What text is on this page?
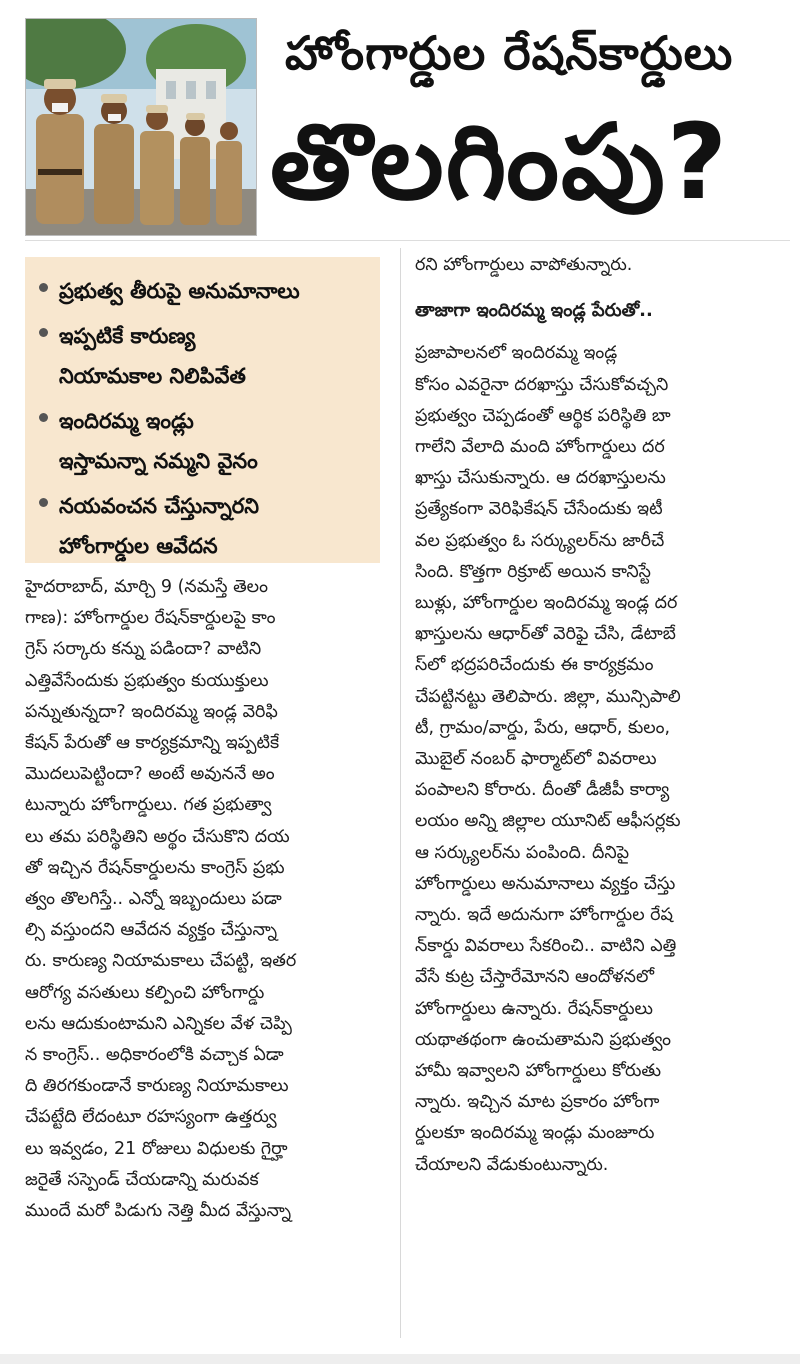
హోంగార్డుల రేషన్‌కార్డులు
తొలగింపు?
ప్రభుత్వ తీరుపై అనుమానాలు
ఇప్పటికే కారుణ్య
నియామకాల నిలిపివేత
ఇందిరమ్మ ఇండ్లు
ఇస్తామన్నా నమ్మని వైనం
నయవంచన చేస్తున్నారని
హోంగార్డుల ఆవేదన
హైదరాబాద్, మార్చి 9 (నమస్తే తెలం
గాణ): హోంగార్డుల రేషన్‌కార్డులపై కాం
గ్రెస్ సర్కారు కన్ను పడిందా? వాటిని
ఎత్తివేసేందుకు ప్రభుత్వం కుయుక్తులు
పన్నుతున్నదా? ఇందిరమ్మ ఇండ్ల వెరిఫి
కేషన్ పేరుతో ఆ కార్యక్రమాన్ని ఇప్పటికే
మొదలుపెట్టిందా? అంటే అవుననే అం
టున్నారు హోంగార్డులు. గత ప్రభుత్వా
లు తమ పరిస్థితిని అర్థం చేసుకొని దయ
తో ఇచ్చిన రేషన్‌కార్డులను కాంగ్రెస్ ప్రభు
త్వం తొలగిస్తే.. ఎన్నో ఇబ్బందులు పడా
ల్సి వస్తుందని ఆవేదన వ్యక్తం చేస్తున్నా
రు. కారుణ్య నియామకాలు చేపట్టి, ఇతర
ఆరోగ్య వసతులు కల్పించి హోంగార్డు
లను ఆదుకుంటామని ఎన్నికల వేళ చెప్పి
న కాంగ్రెస్.. అధికారంలోకి వచ్చాక ఏడా
ది తిరగకుండానే కారుణ్య నియామకాలు
చేపట్టేది లేదంటూ రహస్యంగా ఉత్తర్వు
లు ఇవ్వడం, 21 రోజులు విధులకు గైర్హా
జరైతే సస్పెండ్ చేయడాన్ని మరువక
ముందే మరో పిడుగు నెత్తి మీద వేస్తున్నా
రని హోంగార్డులు వాపోతున్నారు.
తాజాగా ఇందిరమ్మ ఇండ్ల పేరుతో..
ప్రజాపాలనలో ఇందిరమ్మ ఇండ్ల
కోసం ఎవరైనా దరఖాస్తు చేసుకోవచ్చని
ప్రభుత్వం చెప్పడంతో ఆర్థిక పరిస్థితి బా
గాలేని వేలాది మంది హోంగార్డులు దర
ఖాస్తు చేసుకున్నారు. ఆ దరఖాస్తులను
ప్రత్యేకంగా వెరిఫికేషన్ చేసేందుకు ఇటీ
వల ప్రభుత్వం ఓ సర్క్యులర్‌ను జారీచే
సింది. కొత్తగా రిక్రూట్ అయిన కానిస్టే
బుళ్లు, హోంగార్డుల ఇందిరమ్మ ఇండ్ల దర
ఖాస్తులను ఆధార్‌తో వెరిఫై చేసి, డేటాబే
స్‌లో భద్రపరిచేందుకు ఈ కార్యక్రమం
చేపట్టినట్టు తెలిపారు. జిల్లా, మున్సిపాలి
టీ, గ్రామం/వార్డు, పేరు, ఆధార్, కులం,
మొబైల్ నంబర్ ఫార్మాట్‌లో వివరాలు
పంపాలని కోరారు. దీంతో డీజీపీ కార్యా
లయం అన్ని జిల్లాల యూనిట్ ఆఫీసర్లకు
ఆ సర్క్యులర్‌ను పంపింది. దీనిపై
హోంగార్డులు అనుమానాలు వ్యక్తం చేస్తు
న్నారు. ఇదే అదునుగా హోంగార్డుల రేష
న్‌కార్డు వివరాలు సేకరించి.. వాటిని ఎత్తి
వేసే కుట్ర చేస్తారేమోనని ఆందోళనలో
హోంగార్డులు ఉన్నారు. రేషన్‌కార్డులు
యథాతథంగా ఉంచుతామని ప్రభుత్వం
హామీ ఇవ్వాలని హోంగార్డులు కోరుతు
న్నారు. ఇచ్చిన మాట ప్రకారం హోంగా
ర్డులకూ ఇందిరమ్మ ఇండ్లు మంజూరు
చేయాలని వేడుకుంటున్నారు.
